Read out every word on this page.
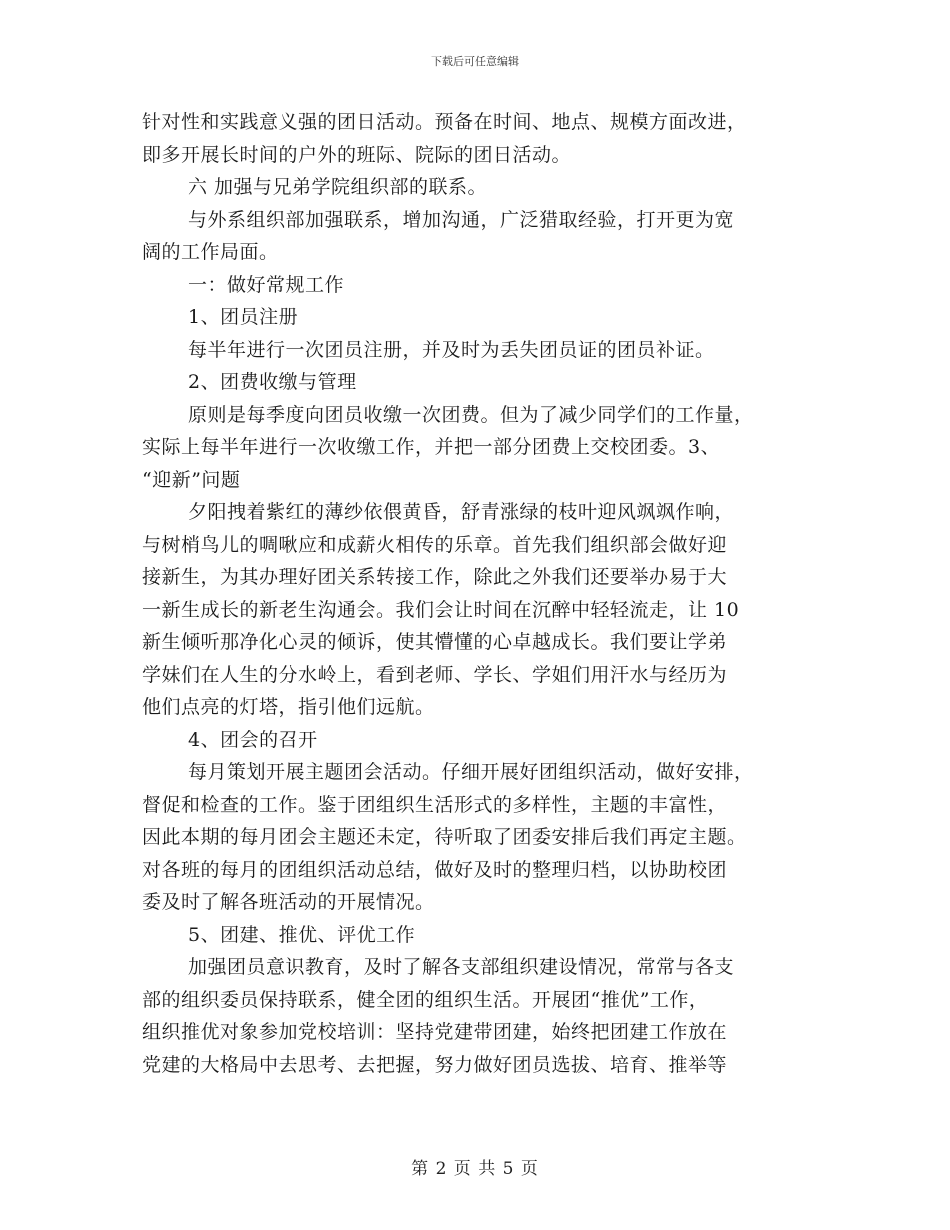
下载后可任意编辑
针对性和实践意义强的团日活动。预备在时间、地点、规模方面改进，
即多开展长时间的户外的班际、院际的团日活动。
六 加强与兄弟学院组织部的联系。
与外系组织部加强联系，增加沟通，广泛猎取经验，打开更为宽
阔的工作局面。
一：做好常规工作
1、团员注册
每半年进行一次团员注册，并及时为丢失团员证的团员补证。
2、团费收缴与管理
原则是每季度向团员收缴一次团费。但为了减少同学们的工作量，
实际上每半年进行一次收缴工作，并把一部分团费上交校团委。3、
“迎新”问题
夕阳拽着紫红的薄纱依偎黄昏，舒青涨绿的枝叶迎风飒飒作响，
与树梢鸟儿的啁啾应和成薪火相传的乐章。首先我们组织部会做好迎
接新生，为其办理好团关系转接工作，除此之外我们还要举办易于大
一新生成长的新老生沟通会。我们会让时间在沉醉中轻轻流走，让 10
新生倾听那净化心灵的倾诉，使其懵懂的心卓越成长。我们要让学弟
学妹们在人生的分水岭上，看到老师、学长、学姐们用汗水与经历为
他们点亮的灯塔，指引他们远航。
4、团会的召开
每月策划开展主题团会活动。仔细开展好团组织活动，做好安排，
督促和检查的工作。鉴于团组织生活形式的多样性，主题的丰富性，
因此本期的每月团会主题还未定，待听取了团委安排后我们再定主题。
对各班的每月的团组织活动总结，做好及时的整理归档，以协助校团
委及时了解各班活动的开展情况。
5、团建、推优、评优工作
加强团员意识教育，及时了解各支部组织建设情况，常常与各支
部的组织委员保持联系，健全团的组织生活。开展团“推优”工作，
组织推优对象参加党校培训：坚持党建带团建，始终把团建工作放在
党建的大格局中去思考、去把握，努力做好团员选拔、培育、推举等
第 2 页 共 5 页
